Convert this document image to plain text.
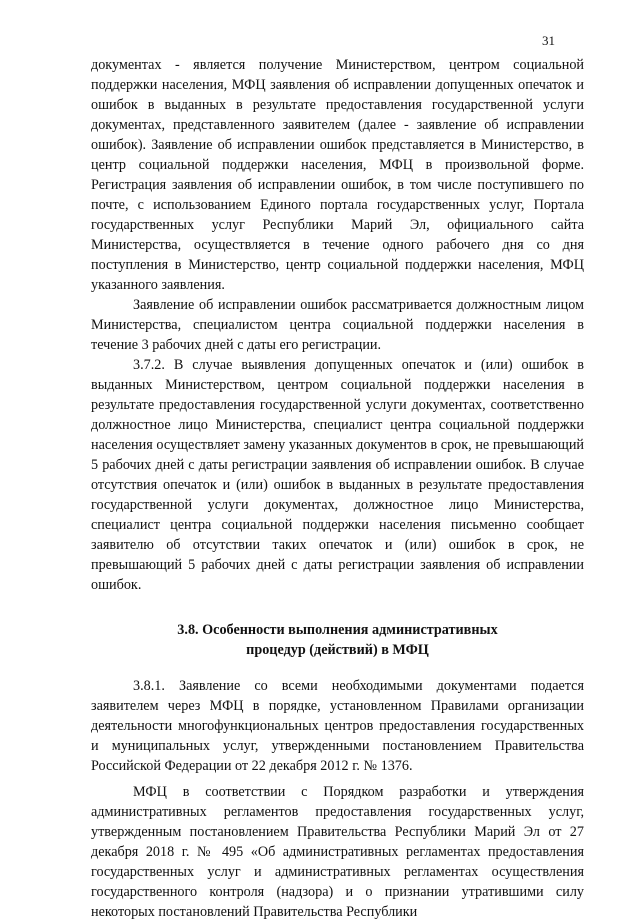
31

документах - является получение Министерством, центром социальной поддержки населения, МФЦ заявления об исправлении допущенных опечаток и ошибок в выданных в результате предоставления государственной услуги документах, представленного заявителем (далее - заявление об исправлении ошибок). Заявление об исправлении ошибок представляется в Министерство, в центр социальной поддержки населения, МФЦ в произвольной форме. Регистрация заявления об исправлении ошибок, в том числе поступившего по почте, с использованием Единого портала государственных услуг, Портала государственных услуг Республики Марий Эл, официального сайта Министерства, осуществляется в течение одного рабочего дня со дня поступления в Министерство, центр социальной поддержки населения, МФЦ указанного заявления.

Заявление об исправлении ошибок рассматривается должностным лицом Министерства, специалистом центра социальной поддержки населения в течение 3 рабочих дней с даты его регистрации.

3.7.2. В случае выявления допущенных опечаток и (или) ошибок в выданных Министерством, центром социальной поддержки населения в результате предоставления государственной услуги документах, соответственно должностное лицо Министерства, специалист центра социальной поддержки населения осуществляет замену указанных документов в срок, не превышающий 5 рабочих дней с даты регистрации заявления об исправлении ошибок. В случае отсутствия опечаток и (или) ошибок в выданных в результате предоставления государственной услуги документах, должностное лицо Министерства, специалист центра социальной поддержки населения письменно сообщает заявителю об отсутствии таких опечаток и (или) ошибок в срок, не превышающий 5 рабочих дней с даты регистрации заявления об исправлении ошибок.

3.8. Особенности выполнения административных
процедур (действий) в МФЦ

3.8.1. Заявление со всеми необходимыми документами подается заявителем через МФЦ в порядке, установленном Правилами организации деятельности многофункциональных центров предоставления государственных и муниципальных услуг, утвержденными постановлением Правительства Российской Федерации от 22 декабря 2012 г. № 1376.

МФЦ в соответствии с Порядком разработки и утверждения административных регламентов предоставления государственных услуг, утвержденным постановлением Правительства Республики Марий Эл от 27 декабря 2018 г. № 495 «Об административных регламентах предоставления государственных услуг и административных регламентах осуществления государственного контроля (надзора) и о признании утратившими силу некоторых постановлений Правительства Республики
